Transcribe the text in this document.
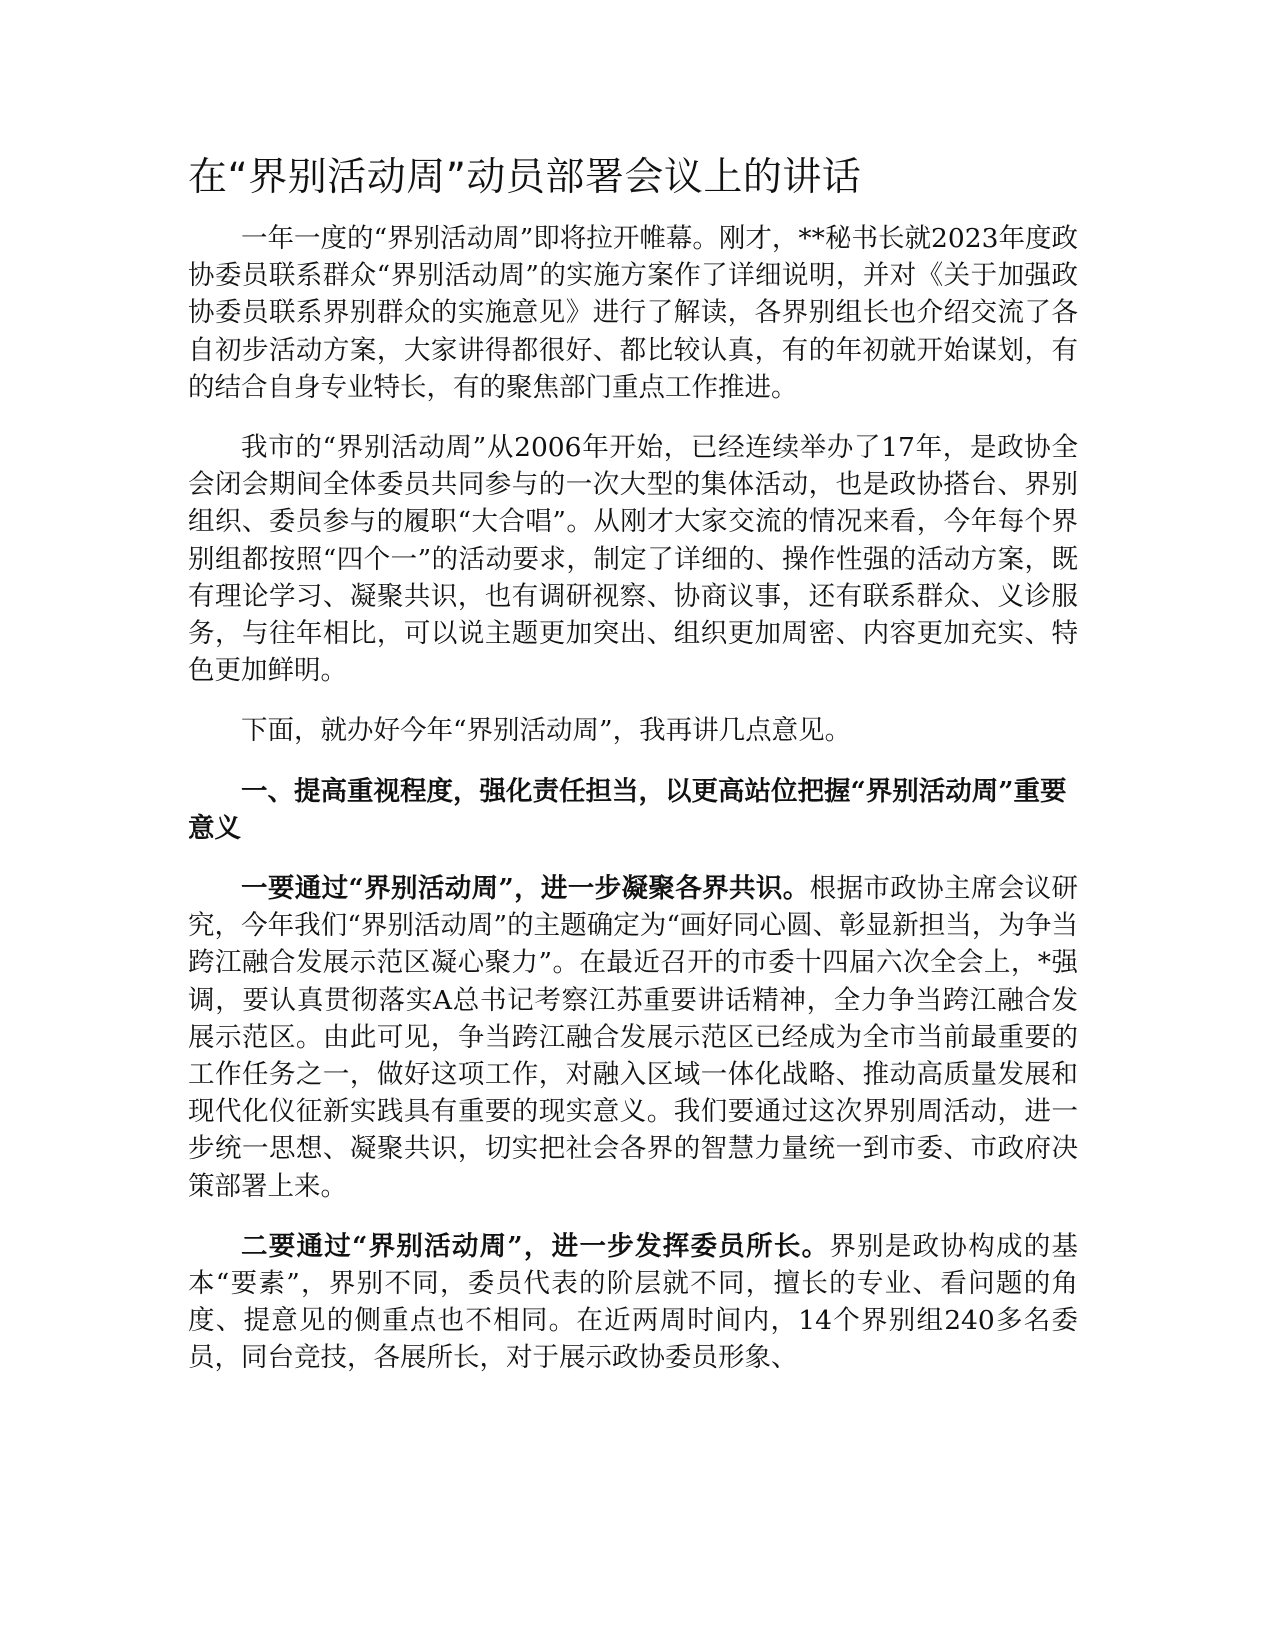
在“界别活动周”动员部署会议上的讲话

一年一度的“界别活动周”即将拉开帷幕。刚才，**秘书长就2023年度政协委员联系群众“界别活动周”的实施方案作了详细说明，并对《关于加强政协委员联系界别群众的实施意见》进行了解读，各界别组长也介绍交流了各自初步活动方案，大家讲得都很好、都比较认真，有的年初就开始谋划，有的结合自身专业特长，有的聚焦部门重点工作推进。

我市的“界别活动周”从2006年开始，已经连续举办了17年，是政协全会闭会期间全体委员共同参与的一次大型的集体活动，也是政协搭台、界别组织、委员参与的履职“大合唱”。从刚才大家交流的情况来看，今年每个界别组都按照“四个一”的活动要求，制定了详细的、操作性强的活动方案，既有理论学习、凝聚共识，也有调研视察、协商议事，还有联系群众、义诊服务，与往年相比，可以说主题更加突出、组织更加周密、内容更加充实、特色更加鲜明。

下面，就办好今年“界别活动周”，我再讲几点意见。

一、提高重视程度，强化责任担当，以更高站位把握“界别活动周”重要意义

一要通过“界别活动周”，进一步凝聚各界共识。根据市政协主席会议研究，今年我们“界别活动周”的主题确定为“画好同心圆、彰显新担当，为争当跨江融合发展示范区凝心聚力”。在最近召开的市委十四届六次全会上，*强调，要认真贯彻落实A总书记考察江苏重要讲话精神，全力争当跨江融合发展示范区。由此可见，争当跨江融合发展示范区已经成为全市当前最重要的工作任务之一，做好这项工作，对融入区域一体化战略、推动高质量发展和现代化仪征新实践具有重要的现实意义。我们要通过这次界别周活动，进一步统一思想、凝聚共识，切实把社会各界的智慧力量统一到市委、市政府决策部署上来。

二要通过“界别活动周”，进一步发挥委员所长。界别是政协构成的基本“要素”，界别不同，委员代表的阶层就不同，擅长的专业、看问题的角度、提意见的侧重点也不相同。在近两周时间内，14个界别组240多名委员，同台竞技，各展所长，对于展示政协委员形象、
